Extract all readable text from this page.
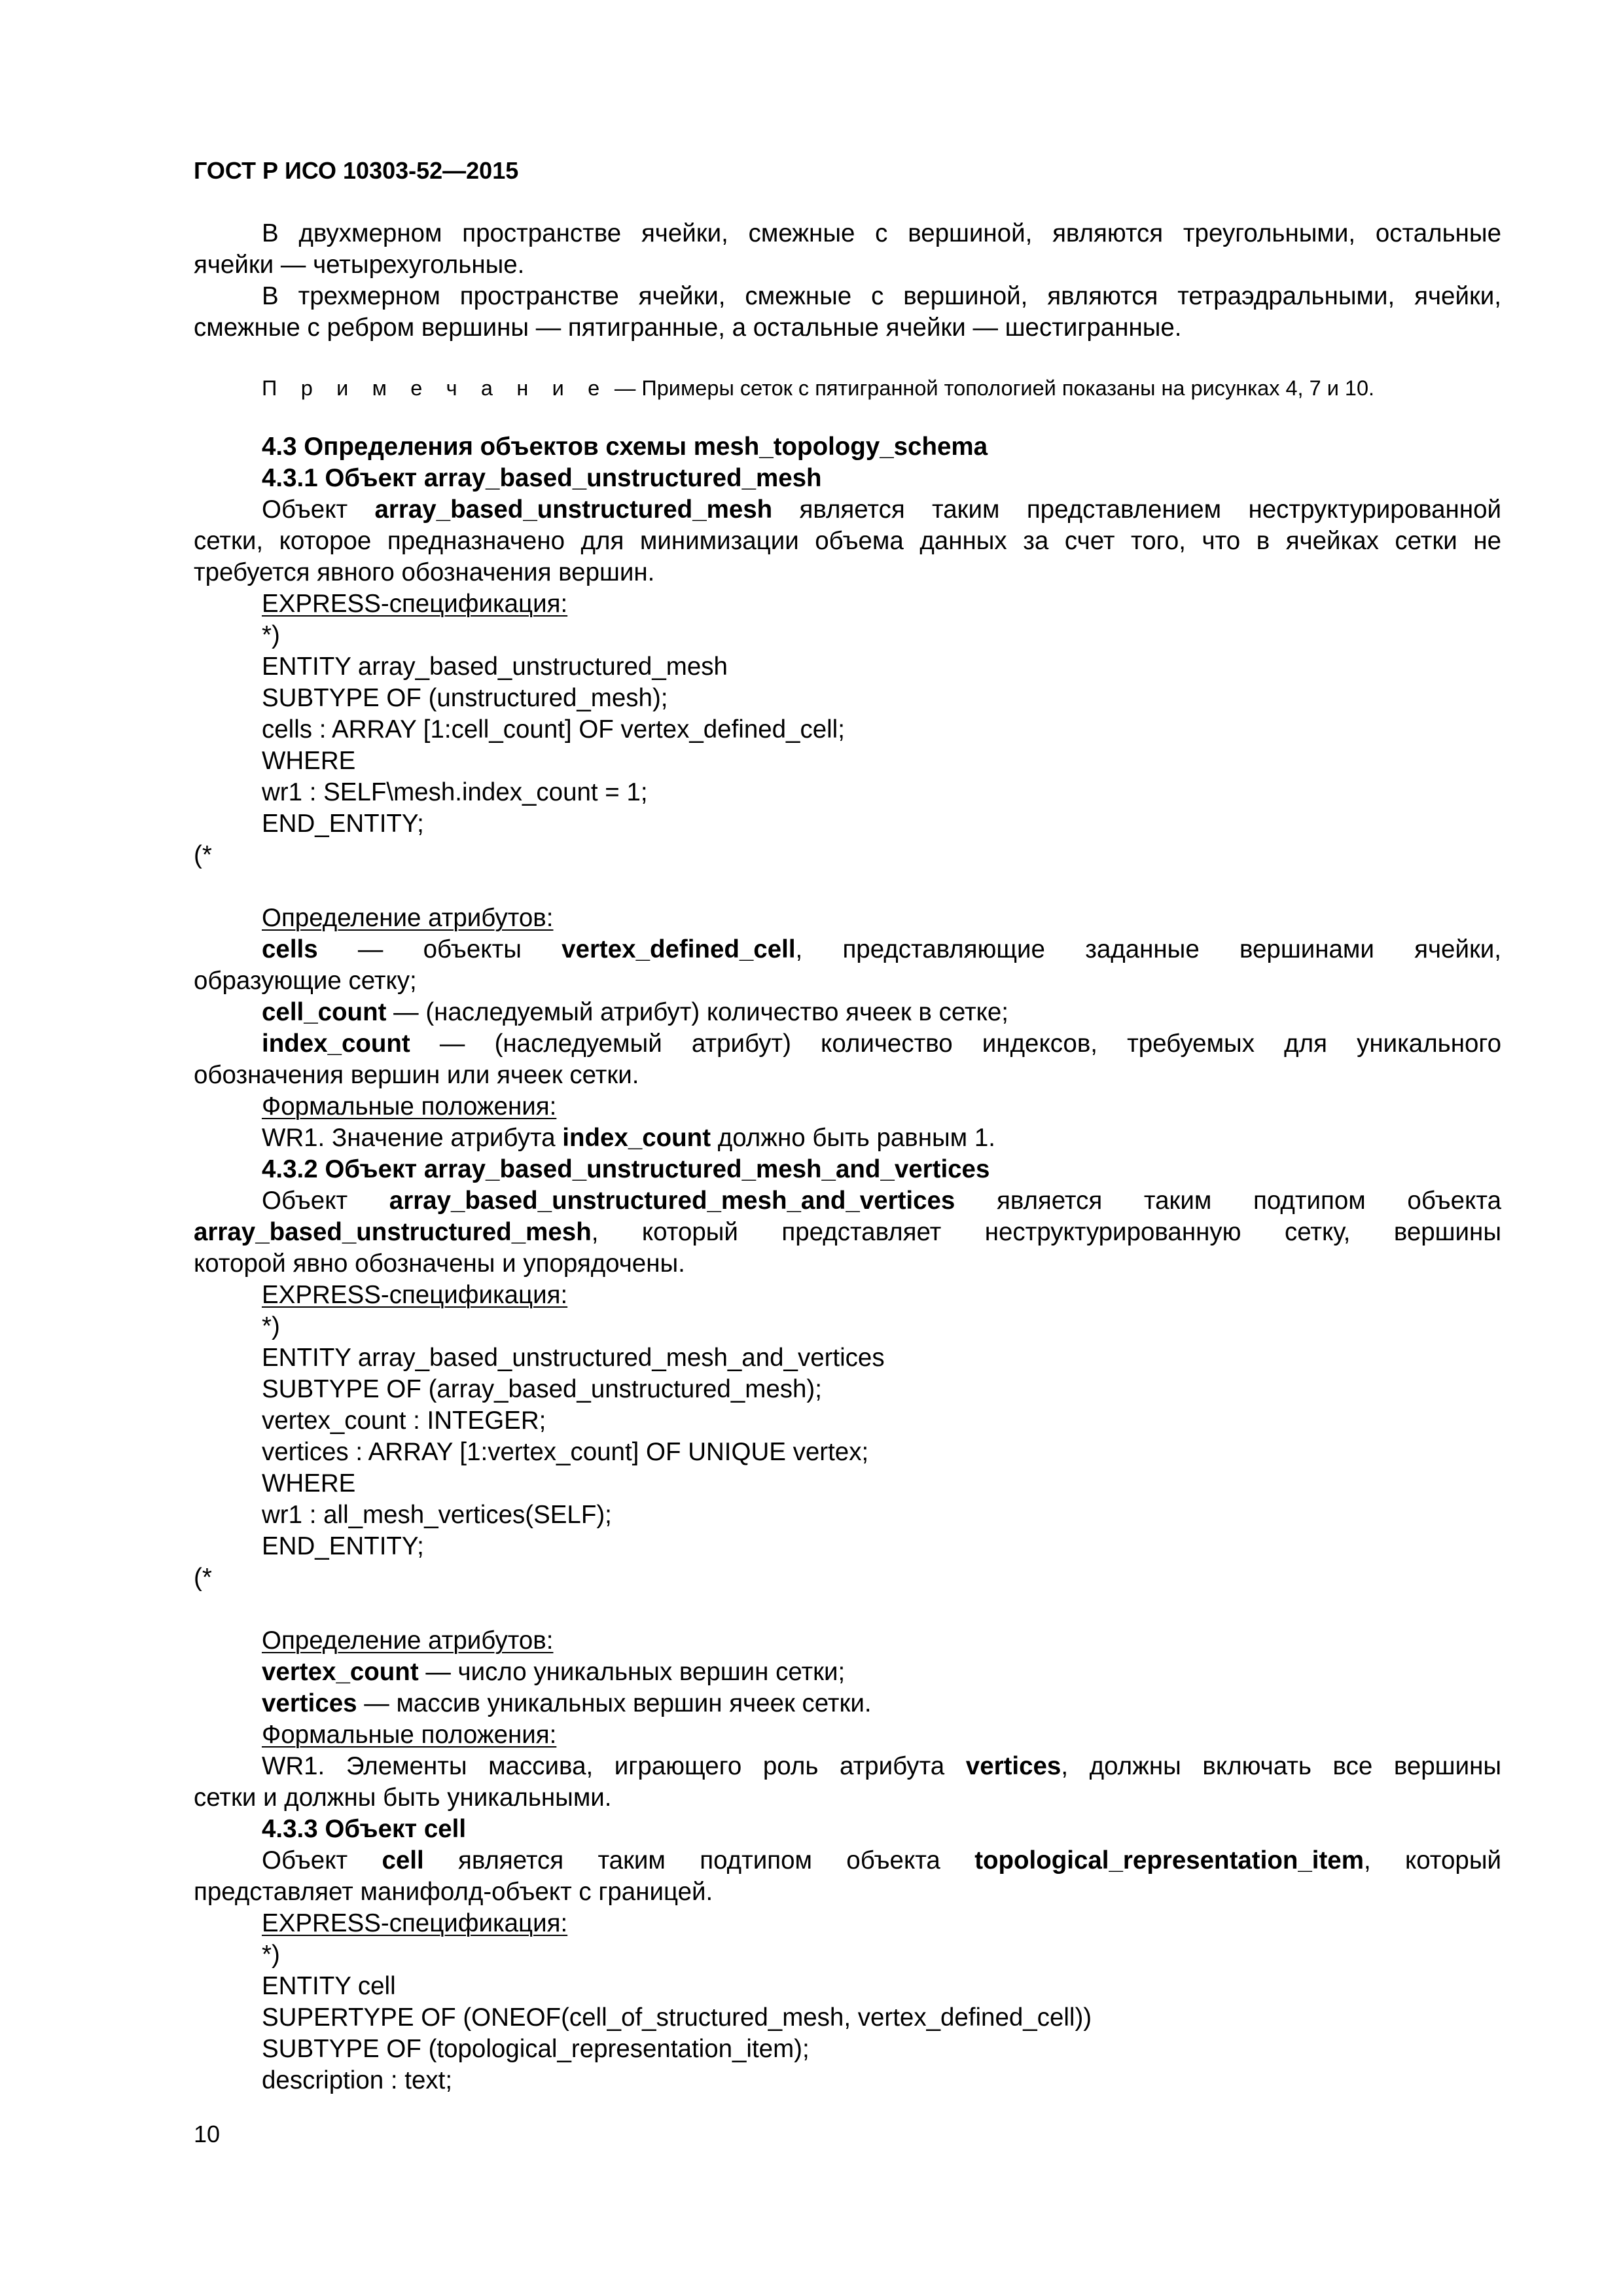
ГОСТ Р ИСО 10303-52—2015
В двухмерном пространстве ячейки, смежные с вершиной, являются треугольными, остальные
ячейки — четырехугольные.
В трехмерном пространстве ячейки, смежные с вершиной, являются тетраэдральными, ячейки,
смежные с ребром вершины — пятигранные, а остальные ячейки — шестигранные.
П р и м е ч а н и е — Примеры сеток с пятигранной топологией показаны на рисунках 4, 7 и 10.
4.3 Определения объектов схемы mesh_topology_schema
4.3.1 Объект array_based_unstructured_mesh
Объект array_based_unstructured_mesh является таким представлением неструктурированной
сетки, которое предназначено для минимизации объема данных за счет того, что в ячейках сетки не
требуется явного обозначения вершин.
EXPRESS-спецификация:
*)
ENTITY array_based_unstructured_mesh
SUBTYPE OF (unstructured_mesh);
cells : ARRAY [1:cell_count] OF vertex_defined_cell;
WHERE
wr1 : SELF\mesh.index_count = 1;
END_ENTITY;
(*
Определение атрибутов:
cells — объекты vertex_defined_cell, представляющие заданные вершинами ячейки,
образующие сетку;
cell_count — (наследуемый атрибут) количество ячеек в сетке;
index_count — (наследуемый атрибут) количество индексов, требуемых для уникального
обозначения вершин или ячеек сетки.
Формальные положения:
WR1. Значение атрибута index_count должно быть равным 1.
4.3.2 Объект array_based_unstructured_mesh_and_vertices
Объект array_based_unstructured_mesh_and_vertices является таким подтипом объекта
array_based_unstructured_mesh, который представляет неструктурированную сетку, вершины
которой явно обозначены и упорядочены.
EXPRESS-спецификация:
*)
ENTITY array_based_unstructured_mesh_and_vertices
SUBTYPE OF (array_based_unstructured_mesh);
vertex_count : INTEGER;
vertices : ARRAY [1:vertex_count] OF UNIQUE vertex;
WHERE
wr1 : all_mesh_vertices(SELF);
END_ENTITY;
(*
Определение атрибутов:
vertex_count — число уникальных вершин сетки;
vertices — массив уникальных вершин ячеек сетки.
Формальные положения:
WR1. Элементы массива, играющего роль атрибута vertices, должны включать все вершины
сетки и должны быть уникальными.
4.3.3 Объект cell
Объект cell является таким подтипом объекта topological_representation_item, который
представляет манифолд-объект с границей.
EXPRESS-спецификация:
*)
ENTITY cell
SUPERTYPE OF (ONEOF(cell_of_structured_mesh, vertex_defined_cell))
SUBTYPE OF (topological_representation_item);
description : text;
10
